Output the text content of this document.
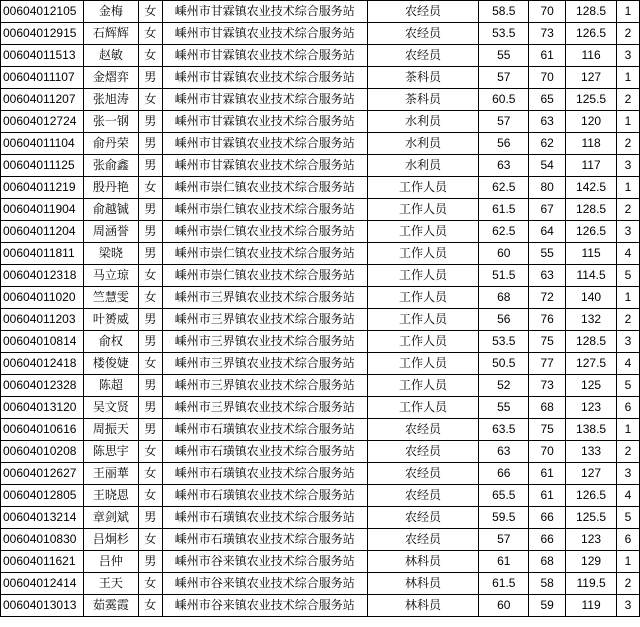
00604012105	金梅	女	嵊州市甘霖镇农业技术综合服务站	农经员	58.5	70	128.5	1
00604012915	石辉辉	女	嵊州市甘霖镇农业技术综合服务站	农经员	53.5	73	126.5	2
00604011513	赵敏	女	嵊州市甘霖镇农业技术综合服务站	农经员	55	61	116	3
00604011107	金熠弈	男	嵊州市甘霖镇农业技术综合服务站	茶科员	57	70	127	1
00604011207	张旭涛	女	嵊州市甘霖镇农业技术综合服务站	茶科员	60.5	65	125.5	2
00604012724	张一钢	男	嵊州市甘霖镇农业技术综合服务站	水利员	57	63	120	1
00604011104	俞丹荣	男	嵊州市甘霖镇农业技术综合服务站	水利员	56	62	118	2
00604011125	张俞鑫	男	嵊州市甘霖镇农业技术综合服务站	水利员	63	54	117	3
00604011219	殷丹艳	女	嵊州市崇仁镇农业技术综合服务站	工作人员	62.5	80	142.5	1
00604011904	俞越铖	男	嵊州市崇仁镇农业技术综合服务站	工作人员	61.5	67	128.5	2
00604011204	周涵誉	男	嵊州市崇仁镇农业技术综合服务站	工作人员	62.5	64	126.5	3
00604011811	梁晓	男	嵊州市崇仁镇农业技术综合服务站	工作人员	60	55	115	4
00604012318	马立琼	女	嵊州市崇仁镇农业技术综合服务站	工作人员	51.5	63	114.5	5
00604011020	竺慧雯	女	嵊州市三界镇农业技术综合服务站	工作人员	68	72	140	1
00604011203	叶赟威	男	嵊州市三界镇农业技术综合服务站	工作人员	56	76	132	2
00604010814	俞权	男	嵊州市三界镇农业技术综合服务站	工作人员	53.5	75	128.5	3
00604012418	楼俊婕	女	嵊州市三界镇农业技术综合服务站	工作人员	50.5	77	127.5	4
00604012328	陈超	男	嵊州市三界镇农业技术综合服务站	工作人员	52	73	125	5
00604013120	吴文贤	男	嵊州市三界镇农业技术综合服务站	工作人员	55	68	123	6
00604010616	周振天	男	嵊州市石璜镇农业技术综合服务站	农经员	63.5	75	138.5	1
00604010208	陈思宇	女	嵊州市石璜镇农业技术综合服务站	农经员	63	70	133	2
00604012627	王丽華	女	嵊州市石璜镇农业技术综合服务站	农经员	66	61	127	3
00604012805	王晓恩	女	嵊州市石璜镇农业技术综合服务站	农经员	65.5	61	126.5	4
00604013214	章剑斌	男	嵊州市石璜镇农业技术综合服务站	农经员	59.5	66	125.5	5
00604010830	吕炯杉	女	嵊州市石璜镇农业技术综合服务站	农经员	57	66	123	6
00604011621	吕仲	男	嵊州市谷来镇农业技术综合服务站	林科员	61	68	129	1
00604012414	王天	女	嵊州市谷来镇农业技术综合服务站	林科员	61.5	58	119.5	2
00604013013	茹霙霞	女	嵊州市谷来镇农业技术综合服务站	林科员	60	59	119	3
